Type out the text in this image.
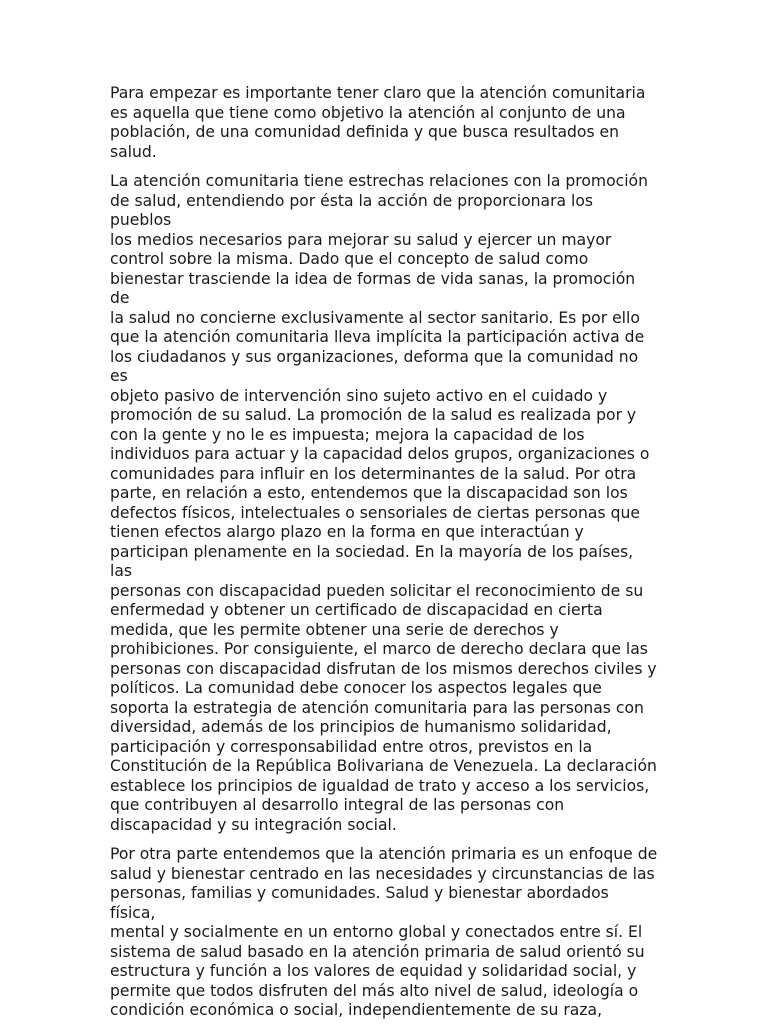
Para empezar es importante tener claro que la atención comunitaria
es aquella que tiene como objetivo la atención al conjunto de una
población, de una comunidad definida y que busca resultados en
salud.

La atención comunitaria tiene estrechas relaciones con la promoción
de salud, entendiendo por ésta la acción de proporcionara los pueblos
los medios necesarios para mejorar su salud y ejercer un mayor
control sobre la misma. Dado que el concepto de salud como
bienestar trasciende la idea de formas de vida sanas, la promoción de
la salud no concierne exclusivamente al sector sanitario. Es por ello
que la atención comunitaria lleva implícita la participación activa de
los ciudadanos y sus organizaciones, deforma que la comunidad no es
objeto pasivo de intervención sino sujeto activo en el cuidado y
promoción de su salud. La promoción de la salud es realizada por y
con la gente y no le es impuesta; mejora la capacidad de los
individuos para actuar y la capacidad delos grupos, organizaciones o
comunidades para influir en los determinantes de la salud. Por otra
parte, en relación a esto, entendemos que la discapacidad son los
defectos físicos, intelectuales o sensoriales de ciertas personas que
tienen efectos alargo plazo en la forma en que interactúan y
participan plenamente en la sociedad. En la mayoría de los países, las
personas con discapacidad pueden solicitar el reconocimiento de su
enfermedad y obtener un certificado de discapacidad en cierta
medida, que les permite obtener una serie de derechos y
prohibiciones. Por consiguiente, el marco de derecho declara que las
personas con discapacidad disfrutan de los mismos derechos civiles y
políticos. La comunidad debe conocer los aspectos legales que
soporta la estrategia de atención comunitaria para las personas con
diversidad, además de los principios de humanismo solidaridad,
participación y corresponsabilidad entre otros, previstos en la
Constitución de la República Bolivariana de Venezuela. La declaración
establece los principios de igualdad de trato y acceso a los servicios,
que contribuyen al desarrollo integral de las personas con
discapacidad y su integración social.

Por otra parte entendemos que la atención primaria es un enfoque de
salud y bienestar centrado en las necesidades y circunstancias de las
personas, familias y comunidades. Salud y bienestar abordados física,
mental y socialmente en un entorno global y conectados entre sí. El
sistema de salud basado en la atención primaria de salud orientó su
estructura y función a los valores de equidad y solidaridad social, y
permite que todos disfruten del más alto nivel de salud, ideología o
condición económica o social, independientemente de su raza,
